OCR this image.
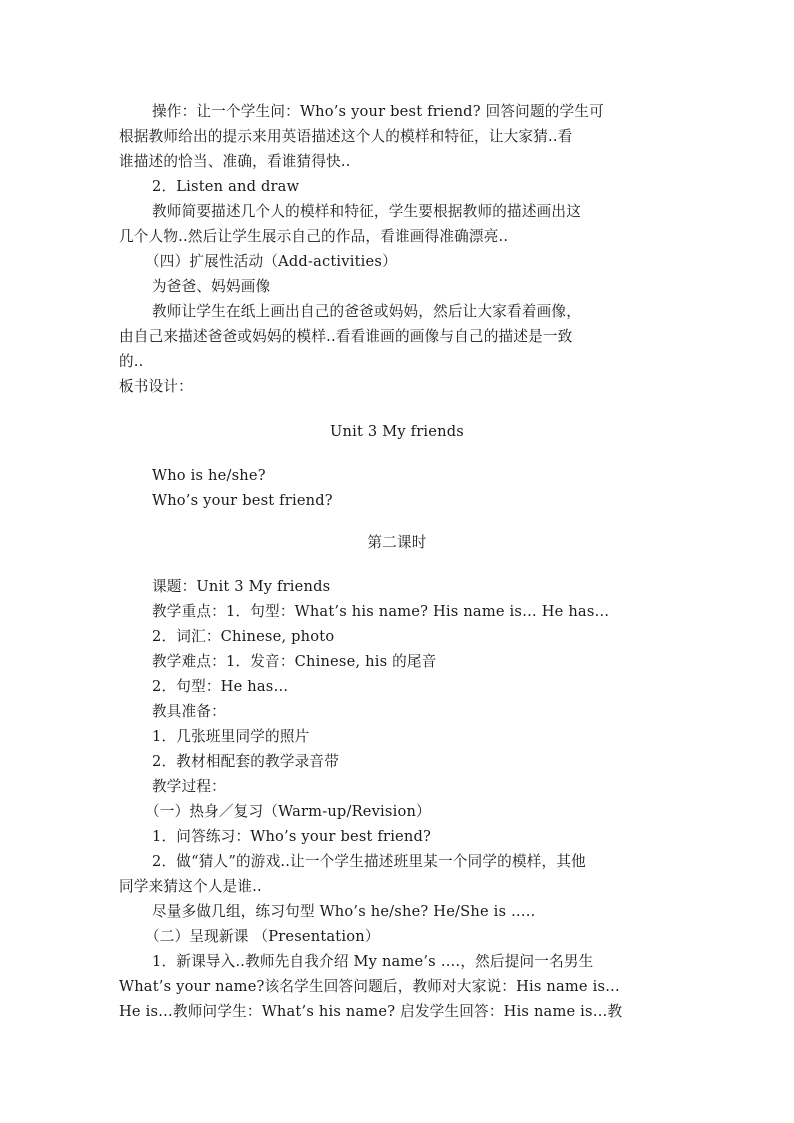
操作：让一个学生问：Who’s your best friend? 回答问题的学生可
根据教师给出的提示来用英语描述这个人的模样和特征，让大家猜..看
谁描述的恰当、准确，看谁猜得快..
2．Listen and draw
教师简要描述几个人的模样和特征，学生要根据教师的描述画出这
几个人物..然后让学生展示自己的作品，看谁画得准确漂亮..
（四）扩展性活动（Add-activities）
为爸爸、妈妈画像
教师让学生在纸上画出自己的爸爸或妈妈，然后让大家看着画像，
由自己来描述爸爸或妈妈的模样..看看谁画的画像与自己的描述是一致
的..
板书设计：
Unit 3 My friends
Who is he/she?
Who’s your best friend?
第二课时
课题：Unit 3 My friends
教学重点：1．句型：What’s his name? His name is… He has…
2．词汇：Chinese, photo
教学难点：1．发音：Chinese, his 的尾音
2．句型：He has…
教具准备：
1．几张班里同学的照片
2．教材相配套的教学录音带
教学过程：
（一）热身／复习（Warm-up/Revision）
1．问答练习：Who’s your best friend?
2．做“猜人”的游戏..让一个学生描述班里某一个同学的模样，其他
同学来猜这个人是谁..
尽量多做几组，练习句型 Who’s he/she? He/She is …..
（二）呈现新课 （Presentation）
1．新课导入..教师先自我介绍 My name’s ….，然后提问一名男生
What’s your name?该名学生回答问题后，教师对大家说：His name is…
He is…教师问学生：What’s his name? 启发学生回答：His name is…教
